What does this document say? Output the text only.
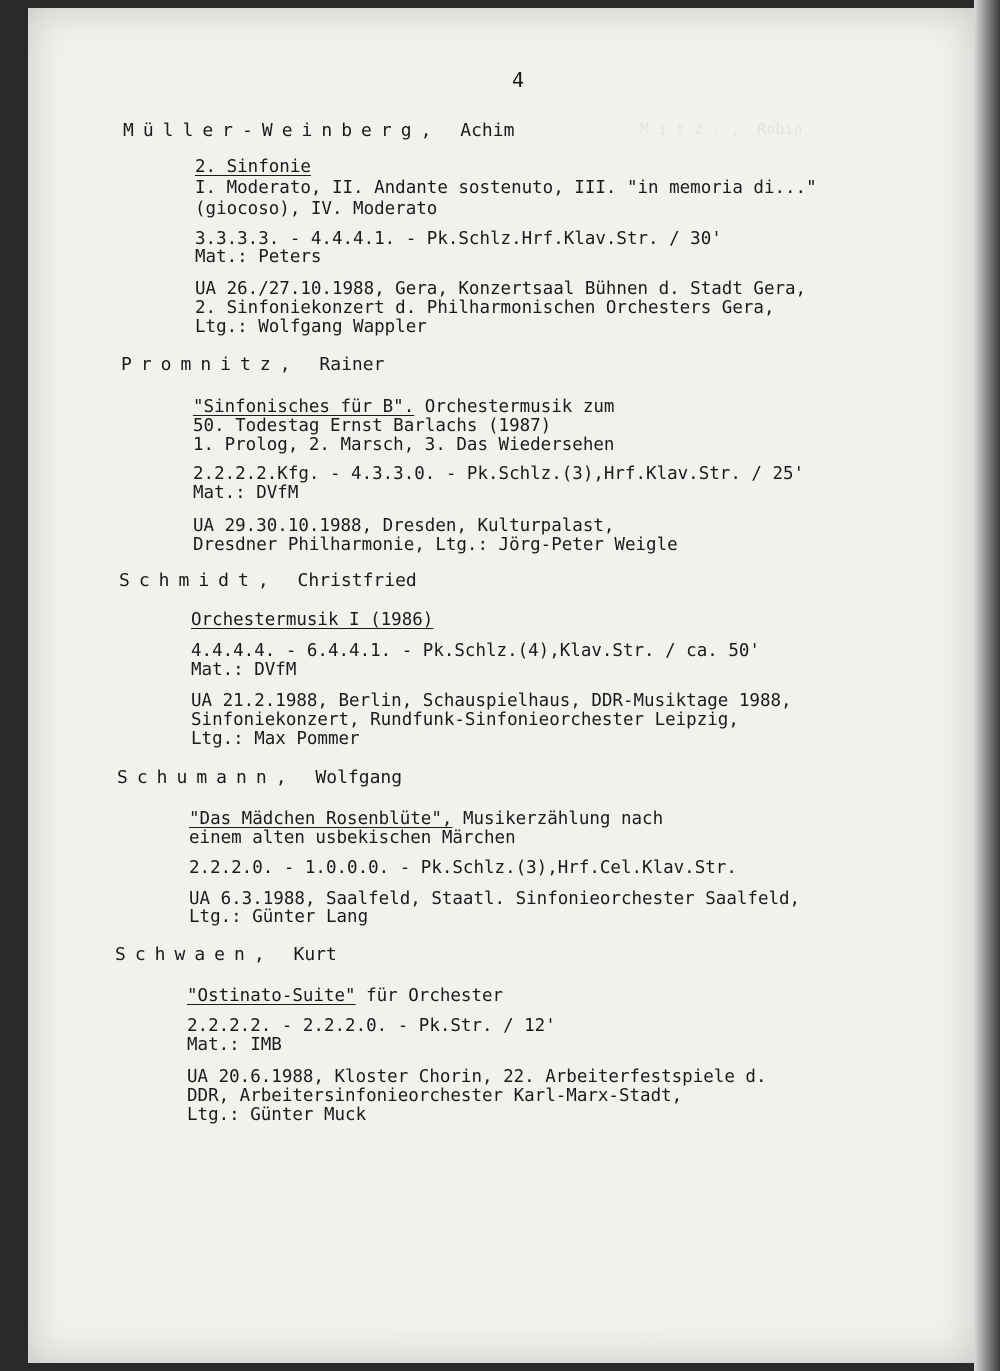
M i t z . ,  Robin
4
Müller-Weinberg, Achim
2. Sinfonie
I. Moderato, II. Andante sostenuto, III. "in memoria di..."
(giocoso), IV. Moderato
3.3.3.3. - 4.4.4.1. - Pk.Schlz.Hrf.Klav.Str. / 30'
Mat.: Peters
UA 26./27.10.1988, Gera, Konzertsaal Bühnen d. Stadt Gera,
2. Sinfoniekonzert d. Philharmonischen Orchesters Gera,
Ltg.: Wolfgang Wappler
Promnitz, Rainer
"Sinfonisches für B". Orchestermusik zum
50. Todestag Ernst Barlachs (1987)
1. Prolog, 2. Marsch, 3. Das Wiedersehen
2.2.2.2.Kfg. - 4.3.3.0. - Pk.Schlz.(3),Hrf.Klav.Str. / 25'
Mat.: DVfM
UA 29.30.10.1988, Dresden, Kulturpalast,
Dresdner Philharmonie, Ltg.: Jörg-Peter Weigle
Schmidt, Christfried
Orchestermusik I (1986)
4.4.4.4. - 6.4.4.1. - Pk.Schlz.(4),Klav.Str. / ca. 50'
Mat.: DVfM
UA 21.2.1988, Berlin, Schauspielhaus, DDR-Musiktage 1988,
Sinfoniekonzert, Rundfunk-Sinfonieorchester Leipzig,
Ltg.: Max Pommer
Schumann, Wolfgang
"Das Mädchen Rosenblüte", Musikerzählung nach
einem alten usbekischen Märchen
2.2.2.0. - 1.0.0.0. - Pk.Schlz.(3),Hrf.Cel.Klav.Str.
UA 6.3.1988, Saalfeld, Staatl. Sinfonieorchester Saalfeld,
Ltg.: Günter Lang
Schwaen, Kurt
"Ostinato-Suite" für Orchester
2.2.2.2. - 2.2.2.0. - Pk.Str. / 12'
Mat.: IMB
UA 20.6.1988, Kloster Chorin, 22. Arbeiterfestspiele d.
DDR, Arbeitersinfonieorchester Karl-Marx-Stadt,
Ltg.: Günter Muck
http://digital.slub-dresden.de/ppn30580162Z/13
